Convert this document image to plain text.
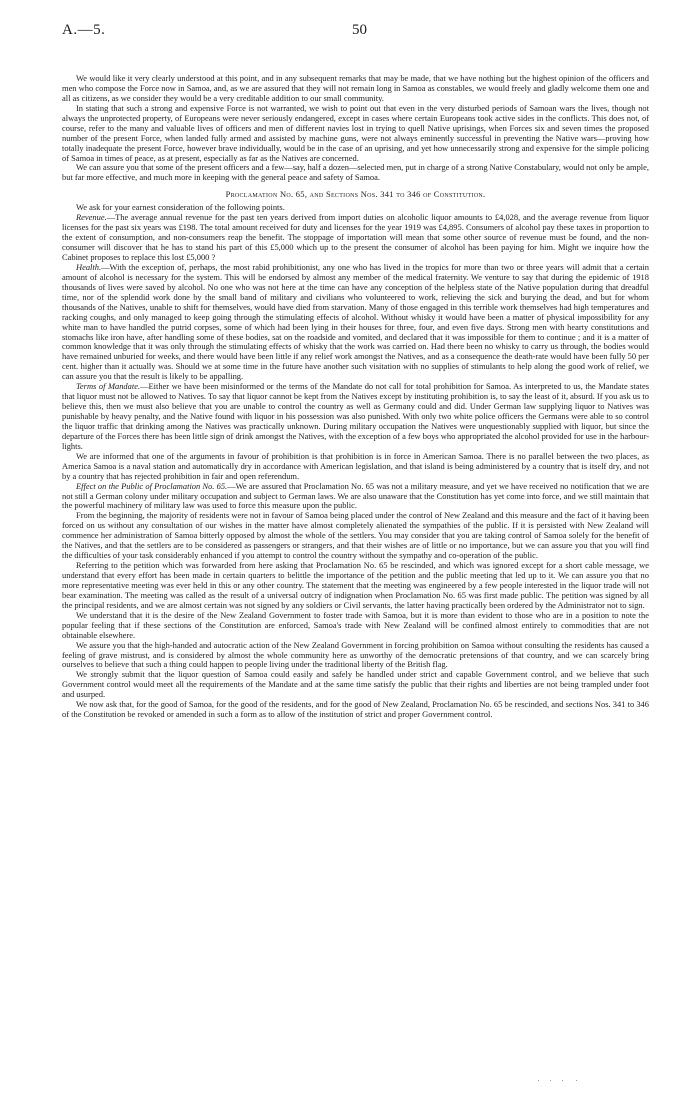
A.—5.	50

We would like it very clearly understood at this point, and in any subsequent remarks that may be made, that we have nothing but the highest opinion of the officers and men who compose the Force now in Samoa, and, as we are assured that they will not remain long in Samoa as constables, we would freely and gladly welcome them one and all as citizens, as we consider they would be a very creditable addition to our small community.

In stating that such a strong and expensive Force is not warranted, we wish to point out that even in the very disturbed periods of Samoan wars the lives, though not always the unprotected property, of Europeans were never seriously endangered, except in cases where certain Europeans took active sides in the conflicts. This does not, of course, refer to the many and valuable lives of officers and men of different navies lost in trying to quell Native uprisings, when Forces six and seven times the proposed number of the present Force, when landed fully armed and assisted by machine guns, were not always eminently successful in preventing the Native wars—proving how totally inadequate the present Force, however brave individually, would be in the case of an uprising, and yet how unnecessarily strong and expensive for the simple policing of Samoa in times of peace, as at present, especially as far as the Natives are concerned.

We can assure you that some of the present officers and a few—say, half a dozen—selected men, put in charge of a strong Native Constabulary, would not only be ample, but far more effective, and much more in keeping with the general peace and safety of Samoa.

Proclamation No. 65, and Sections Nos. 341 to 346 of Constitution.

We ask for your earnest consideration of the following points.

Revenue.—The average annual revenue for the past ten years derived from import duties on alcoholic liquor amounts to £4,028, and the average revenue from liquor licenses for the past six years was £198. The total amount received for duty and licenses for the year 1919 was £4,895. Consumers of alcohol pay these taxes in proportion to the extent of consumption, and non-consumers reap the benefit. The stoppage of importation will mean that some other source of revenue must be found, and the non-consumer will discover that he has to stand his part of this £5,000 which up to the present the consumer of alcohol has been paying for him. Might we inquire how the Cabinet proposes to replace this lost £5,000 ?

Health.—With the exception of, perhaps, the most rabid prohibitionist, any one who has lived in the tropics for more than two or three years will admit that a certain amount of alcohol is necessary for the system. This will be endorsed by almost any member of the medical fraternity. We venture to say that during the epidemic of 1918 thousands of lives were saved by alcohol. No one who was not here at the time can have any conception of the helpless state of the Native population during that dreadful time, nor of the splendid work done by the small band of military and civilians who volunteered to work, relieving the sick and burying the dead, and but for whom thousands of the Natives, unable to shift for themselves, would have died from starvation. Many of those engaged in this terrible work themselves had high temperatures and racking coughs, and only managed to keep going through the stimulating effects of alcohol. Without whisky it would have been a matter of physical impossibility for any white man to have handled the putrid corpses, some of which had been lying in their houses for three, four, and even five days. Strong men with hearty constitutions and stomachs like iron have, after handling some of these bodies, sat on the roadside and vomited, and declared that it was impossible for them to continue ; and it is a matter of common knowledge that it was only through the stimulating effects of whisky that the work was carried on. Had there been no whisky to carry us through, the bodies would have remained unburied for weeks, and there would have been little if any relief work amongst the Natives, and as a consequence the death-rate would have been fully 50 per cent. higher than it actually was. Should we at some time in the future have another such visitation with no supplies of stimulants to help along the good work of relief, we can assure you that the result is likely to be appalling.

Terms of Mandate.—Either we have been misinformed or the terms of the Mandate do not call for total prohibition for Samoa. As interpreted to us, the Mandate states that liquor must not be allowed to Natives. To say that liquor cannot be kept from the Natives except by instituting prohibition is, to say the least of it, absurd. If you ask us to believe this, then we must also believe that you are unable to control the country as well as Germany could and did. Under German law supplying liquor to Natives was punishable by heavy penalty, and the Native found with liquor in his possession was also punished. With only two white police officers the Germans were able to so control the liquor traffic that drinking among the Natives was practically unknown. During military occupation the Natives were unquestionably supplied with liquor, but since the departure of the Forces there has been little sign of drink amongst the Natives, with the exception of a few boys who appropriated the alcohol provided for use in the harbour-lights.

We are informed that one of the arguments in favour of prohibition is that prohibition is in force in American Samoa. There is no parallel between the two places, as America Samoa is a naval station and automatically dry in accordance with American legislation, and that island is being administered by a country that is itself dry, and not by a country that has rejected prohibition in fair and open referendum.

Effect on the Public of Proclamation No. 65.—We are assured that Proclamation No. 65 was not a military measure, and yet we have received no notification that we are not still a German colony under military occupation and subject to German laws. We are also unaware that the Constitution has yet come into force, and we still maintain that the powerful machinery of military law was used to force this measure upon the public.

From the beginning, the majority of residents were not in favour of Samoa being placed under the control of New Zealand and this measure and the fact of it having been forced on us without any consultation of our wishes in the matter have almost completely alienated the sympathies of the public. If it is persisted with New Zealand will commence her administration of Samoa bitterly opposed by almost the whole of the settlers. You may consider that you are taking control of Samoa solely for the benefit of the Natives, and that the settlers are to be considered as passengers or strangers, and that their wishes are of little or no importance, but we can assure you that you will find the difficulties of your task considerably enhanced if you attempt to control the country without the sympathy and co-operation of the public.

Referring to the petition which was forwarded from here asking that Proclamation No. 65 be rescinded, and which was ignored except for a short cable message, we understand that every effort has been made in certain quarters to belittle the importance of the petition and the public meeting that led up to it. We can assure you that no more representative meeting was ever held in this or any other country. The statement that the meeting was engineered by a few people interested in the liquor trade will not bear examination. The meeting was called as the result of a universal outcry of indignation when Proclamation No. 65 was first made public. The petition was signed by all the principal residents, and we are almost certain was not signed by any soldiers or Civil servants, the latter having practically been ordered by the Administrator not to sign.

We understand that it is the desire of the New Zealand Government to foster trade with Samoa, but it is more than evident to those who are in a position to note the popular feeling that if these sections of the Constitution are enforced, Samoa's trade with New Zealand will be confined almost entirely to commodities that are not obtainable elsewhere.

We assure you that the high-handed and autocratic action of the New Zealand Government in forcing prohibition on Samoa without consulting the residents has caused a feeling of grave mistrust, and is considered by almost the whole community here as unworthy of the democratic pretensions of that country, and we can scarcely bring ourselves to believe that such a thing could happen to people living under the traditional liberty of the British flag.

We strongly submit that the liquor question of Samoa could easily and safely be handled under strict and capable Government control, and we believe that such Government control would meet all the requirements of the Mandate and at the same time satisfy the public that their rights and liberties are not being trampled under foot and usurped.

We now ask that, for the good of Samoa, for the good of the residents, and for the good of New Zealand, Proclamation No. 65 be rescinded, and sections Nos. 341 to 346 of the Constitution be revoked or amended in such a form as to allow of the institution of strict and proper Government control.
